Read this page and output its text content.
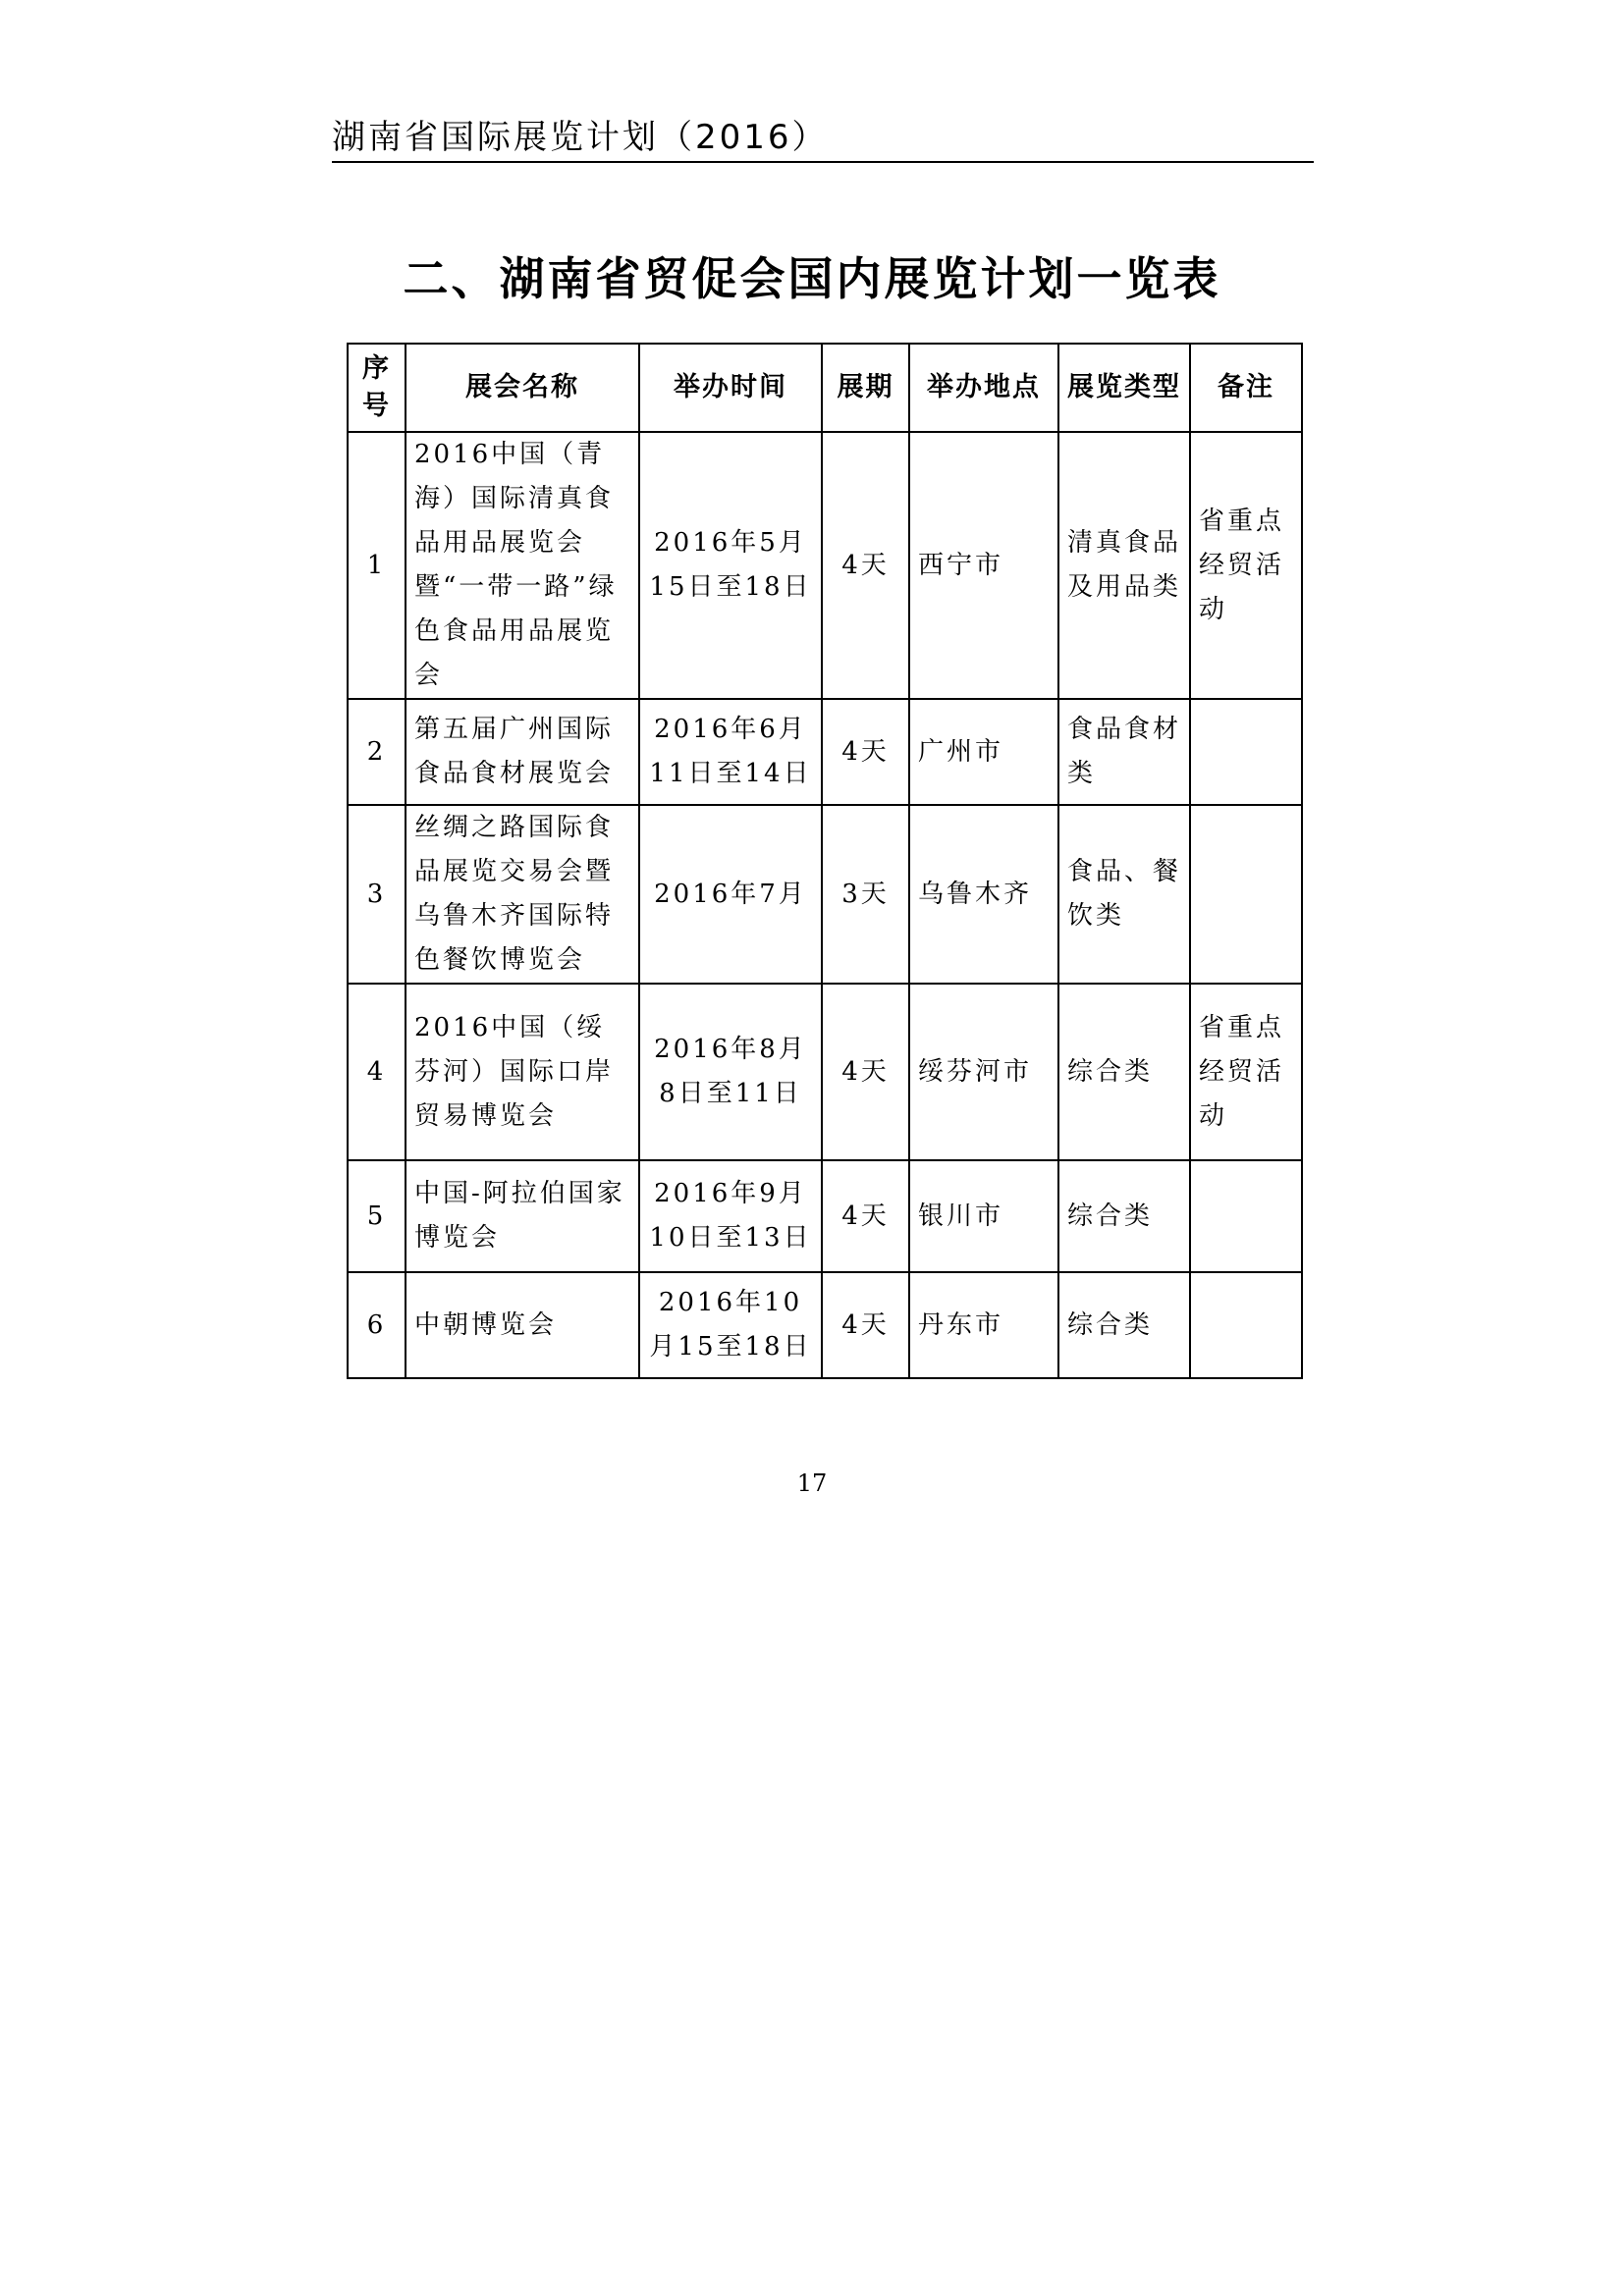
湖南省国际展览计划（2016）
二、湖南省贸促会国内展览计划一览表
序号	展会名称	举办时间	展期	举办地点	展览类型	备注
1	2016中国（青海）国际清真食品用品展览会暨“一带一路”绿色食品用品展览会	2016年5月15日至18日	4天	西宁市	清真食品及用品类	省重点经贸活动
2	第五届广州国际食品食材展览会	2016年6月11日至14日	4天	广州市	食品食材类	
3	丝绸之路国际食品展览交易会暨乌鲁木齐国际特色餐饮博览会	2016年7月	3天	乌鲁木齐	食品、餐饮类	
4	2016中国（绥芬河）国际口岸贸易博览会	2016年8月8日至11日	4天	绥芬河市	综合类	省重点经贸活动
5	中国-阿拉伯国家博览会	2016年9月10日至13日	4天	银川市	综合类	
6	中朝博览会	2016年10月15至18日	4天	丹东市	综合类	
17
